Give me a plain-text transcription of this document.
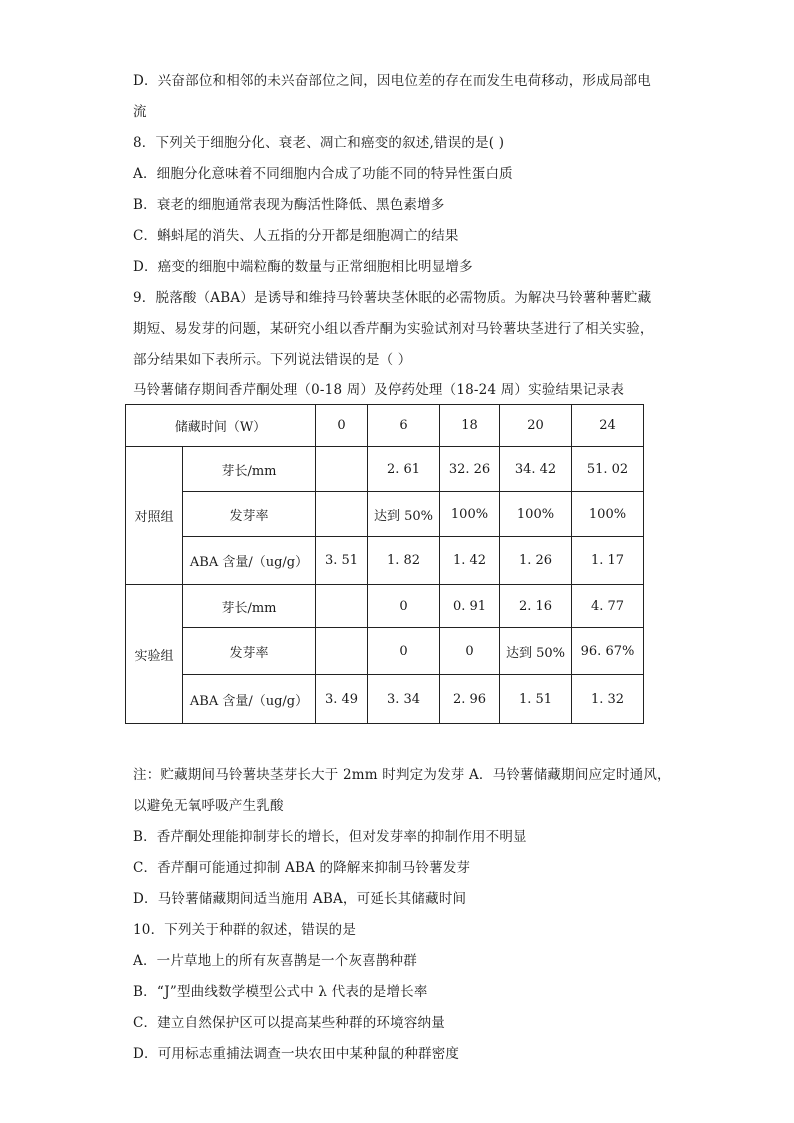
D．兴奋部位和相邻的未兴奋部位之间，因电位差的存在而发生电荷移动，形成局部电
流
8．下列关于细胞分化、衰老、凋亡和癌变的叙述,错误的是( )
A．细胞分化意味着不同细胞内合成了功能不同的特异性蛋白质
B．衰老的细胞通常表现为酶活性降低、黑色素增多
C．蝌蚪尾的消失、人五指的分开都是细胞凋亡的结果
D．癌变的细胞中端粒酶的数量与正常细胞相比明显增多
9．脱落酸（ABA）是诱导和维持马铃薯块茎休眠的必需物质。为解决马铃薯种薯贮藏
期短、易发芽的问题，某研究小组以香芹酮为实验试剂对马铃薯块茎进行了相关实验，
部分结果如下表所示。下列说法错误的是（ ）
马铃薯储存期间香芹酮处理（0-18 周）及停药处理（18-24 周）实验结果记录表
储藏时间（W）		0	6	18	20	24
对照组	芽长/mm		2. 61	32. 26	34. 42	51. 02
	发芽率		达到 50%	100%	100%	100%
	ABA 含量/（ug/g）	3. 51	1. 82	1. 42	1. 26	1. 17
实验组	芽长/mm		0	0. 91	2. 16	4. 77
	发芽率		0	0	达到 50%	96. 67%
	ABA 含量/（ug/g）	3. 49	3. 34	2. 96	1. 51	1. 32
注：贮藏期间马铃薯块茎芽长大于 2mm 时判定为发芽 A．马铃薯储藏期间应定时通风，
以避免无氧呼吸产生乳酸
B．香芹酮处理能抑制芽长的增长，但对发芽率的抑制作用不明显
C．香芹酮可能通过抑制 ABA 的降解来抑制马铃薯发芽
D．马铃薯储藏期间适当施用 ABA，可延长其储藏时间
10．下列关于种群的叙述，错误的是
A．一片草地上的所有灰喜鹊是一个灰喜鹊种群
B．“J”型曲线数学模型公式中 λ 代表的是增长率
C．建立自然保护区可以提高某些种群的环境容纳量
D．可用标志重捕法调查一块农田中某种鼠的种群密度
